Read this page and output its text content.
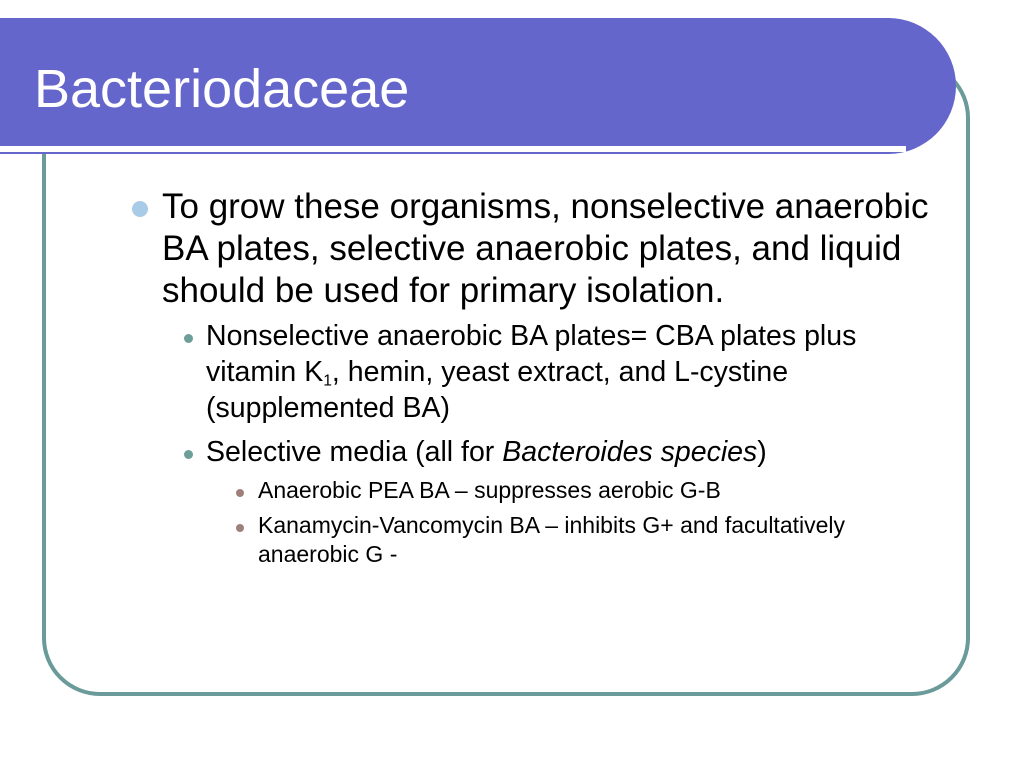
Bacteriodaceae
To grow these organisms, nonselective anaerobic BA plates, selective anaerobic plates, and liquid should be used for primary isolation.
Nonselective anaerobic BA plates= CBA plates plus vitamin $K_1$, hemin, yeast extract, and L-cystine (supplemented BA)
Selective media (all for Bacteroides species)
Anaerobic PEA BA – suppresses aerobic G-B
Kanamycin-Vancomycin BA – inhibits G+ and facultatively anaerobic G -
